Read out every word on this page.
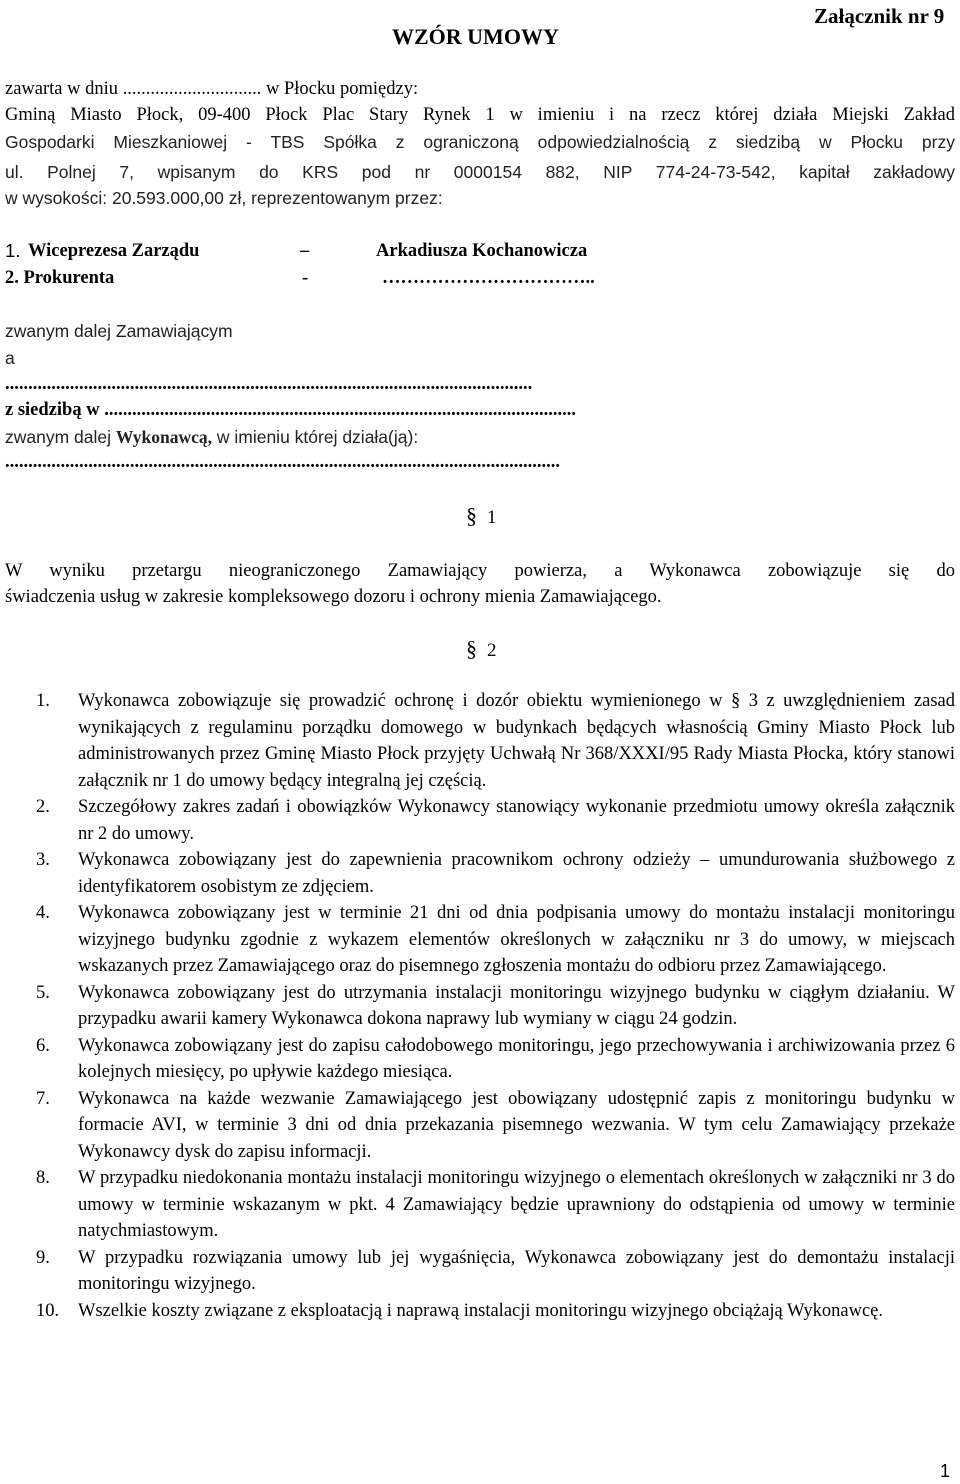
Załącznik nr 9
WZÓR UMOWY
zawarta w dniu .............................. w Płocku pomiędzy:
Gminą Miasto Płock, 09-400 Płock Plac Stary Rynek 1 w imieniu i na rzecz której działa Miejski Zakład
Gospodarki Mieszkaniowej - TBS Spółka z ograniczoną odpowiedzialnością z siedzibą w Płocku przy
ul. Polnej 7, wpisanym do KRS pod nr 0000154 882, NIP 774-24-73-542, kapitał zakładowy
w wysokości: 20.593.000,00 zł, reprezentowanym przez:
1. Wiceprezesa Zarządu	–	Arkadiusza Kochanowicza
2. Prokurenta	-	……………………………..
zwanym dalej Zamawiającym
a
..................................................................................................................
z siedzibą w ......................................................................................................
zwanym dalej Wykonawcą, w imieniu której działa(ją):
........................................................................................................................
§ 1
W wyniku przetargu nieograniczonego Zamawiający powierza, a Wykonawca zobowiązuje się do
świadczenia usług w zakresie kompleksowego dozoru i ochrony mienia Zamawiającego.
§ 2
1.	Wykonawca zobowiązuje się prowadzić ochronę i dozór obiektu wymienionego w § 3 z uwzględnieniem zasad wynikających z regulaminu porządku domowego w budynkach będących własnością Gminy Miasto Płock lub administrowanych przez Gminę Miasto Płock przyjęty Uchwałą Nr 368/XXXI/95 Rady Miasta Płocka, który stanowi załącznik nr 1 do umowy będący integralną jej częścią.
2.	Szczegółowy zakres zadań i obowiązków Wykonawcy stanowiący wykonanie przedmiotu umowy określa załącznik nr 2 do umowy.
3.	Wykonawca zobowiązany jest do zapewnienia pracownikom ochrony odzieży – umundurowania służbowego z identyfikatorem osobistym ze zdjęciem.
4.	Wykonawca zobowiązany jest w terminie 21 dni od dnia podpisania umowy do montażu instalacji monitoringu wizyjnego budynku zgodnie z wykazem elementów określonych w załączniku nr 3 do umowy, w miejscach wskazanych przez Zamawiającego oraz do pisemnego zgłoszenia montażu do odbioru przez Zamawiającego.
5.	Wykonawca zobowiązany jest do utrzymania instalacji monitoringu wizyjnego budynku w ciągłym działaniu. W przypadku awarii kamery Wykonawca dokona naprawy lub wymiany w ciągu 24 godzin.
6.	Wykonawca zobowiązany jest do zapisu całodobowego monitoringu, jego przechowywania i archiwizowania przez 6 kolejnych miesięcy, po upływie każdego miesiąca.
7.	Wykonawca na każde wezwanie Zamawiającego jest obowiązany udostępnić zapis z monitoringu budynku w formacie AVI, w terminie 3 dni od dnia przekazania pisemnego wezwania. W tym celu Zamawiający przekaże Wykonawcy dysk do zapisu informacji.
8.	W przypadku niedokonania montażu instalacji monitoringu wizyjnego o elementach określonych w załączniki nr 3 do umowy w terminie wskazanym w pkt. 4 Zamawiający będzie uprawniony do odstąpienia od umowy w terminie natychmiastowym.
9.	W przypadku rozwiązania umowy lub jej wygaśnięcia, Wykonawca zobowiązany jest do demontażu instalacji monitoringu wizyjnego.
10.	Wszelkie koszty związane z eksploatacją i naprawą instalacji monitoringu wizyjnego obciążają Wykonawcę.
1
